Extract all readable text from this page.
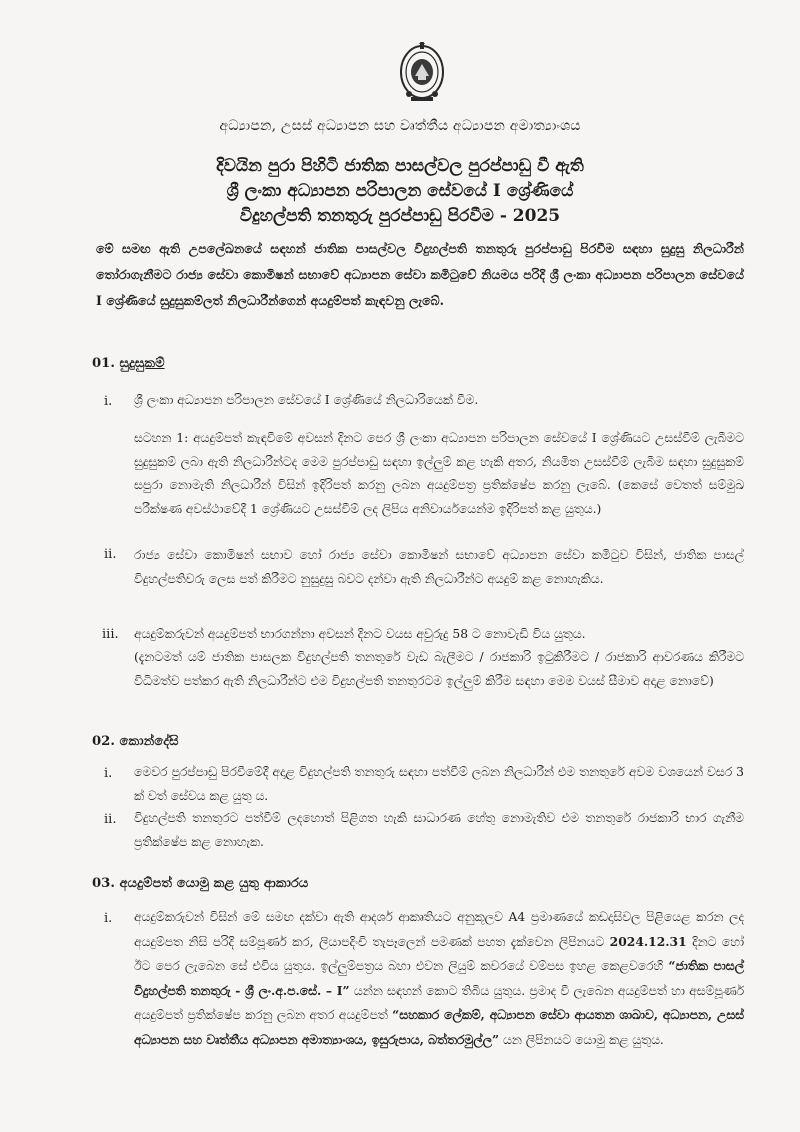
අධ්‍යාපන, උසස් අධ්‍යාපන සහ වෘත්තීය අධ්‍යාපන අමාත්‍යාංශය
දිවයින පුරා පිහිටි ජාතික පාසල්වල පුරප්පාඩු වී ඇති
ශ්‍රී ලංකා අධ්‍යාපන පරිපාලන සේවයේ I ශ්‍රේණියේ
විදුහල්පති තනතුරු පුරප්පාඩු පිරවීම - 2025
මේ සමඟ ඇති උපලේඛනයේ සඳහන් ජාතික පාසල්වල විදුහල්පති තනතුරු පුරප්පාඩු පිරවීම සඳහා සුදුසු නිලධාරීන් තෝරාගැනීමට රාජ්‍ය සේවා කොමිෂන් සභාවේ අධ්‍යාපන සේවා කමිටුවේ නියමය පරිදි ශ්‍රී ලංකා අධ්‍යාපන පරිපාලන සේවයේ I ශ්‍රේණියේ සුදුසුකම්ලත් නිලධාරීන්ගෙන් අයදුම්පත් කැඳවනු ලැබේ.
01. සුදුසුකම්
i. ශ්‍රී ලංකා අධ්‍යාපන පරිපාලන සේවයේ I ශ්‍රේණියේ නිලධාරියෙක් වීම.
සටහන 1: අයදුම්පත් කැඳවීමේ අවසන් දිනට පෙර ශ්‍රී ලංකා අධ්‍යාපන පරිපාලන සේවයේ I ශ්‍රේණියට උසස්වීම් ලැබීමට සුදුසුකම් ලබා ඇති නිලධාරීන්ටද මෙම පුරප්පාඩු සඳහා ඉල්ලුම් කළ හැකි අතර, නියමිත උසස්වීම් ලැබීම සඳහා සුදුසුකම් සපුරා නොමැති නිලධාරීන් විසින් ඉදිරිපත් කරනු ලබන අයදුම්පත්‍ර ප්‍රතික්ෂේප කරනු ලැබේ. (කෙසේ වෙතත් සම්මුඛ පරීක්ෂණ අවස්ථාවේදී 1 ශ්‍රේණියට උසස්වීම් ලද ලිපිය අනිවාර්යයෙන්ම ඉදිරිපත් කළ යුතුය.)
ii. රාජ්‍ය සේවා කොමිෂන් සභාව හෝ රාජ්‍ය සේවා කොමිෂන් සභාවේ අධ්‍යාපන සේවා කමිටුව විසින්, ජාතික පාසල් විදුහල්පතිවරු ලෙස පත් කිරීමට නුසුදුසු බවට දන්වා ඇති නිලධාරීන්ට අයදුම් කළ නොහැකිය.
iii. අයදුම්කරුවන් අයදුම්පත් භාරගන්නා අවසන් දිනට වයස අවුරුදු 58 ට නොවැඩි විය යුතුය.
(දැනටමත් යම් ජාතික පාසලක විදුහල්පති තනතුරේ වැඩ බැලීමට / රාජකාරි ඉටුකිරීමට / රාජකාරි ආවරණය කිරීමට විධිමත්ව පත්කර ඇති නිලධාරීන්ට එම විදුහල්පති තනතුරටම ඉල්ලුම් කිරීම සඳහා මෙම වයස් සීමාව අදාළ නොවේ)
02. කොන්දේසි
i. මෙවර පුරප්පාඩු පිරවීමේදී අදාළ විදුහල්පති තනතුරු සඳහා පත්වීම් ලබන නිලධාරීන් එම තනතුරේ අවම වශයෙන් වසර 3 ක් වත් සේවය කළ යුතු ය.
ii. විදුහල්පති තනතුරට පත්වීම් ලදහොත් පිළිගත හැකි සාධාරණ හේතු නොමැතිව එම තනතුරේ රාජකාරි භාර ගැනීම ප්‍රතික්ෂේප කළ නොහැක.
03. අයදුම්පත් යොමු කළ යුතු ආකාරය
i. අයදුම්කරුවන් විසින් මේ සමඟ දක්වා ඇති ආදර්ශ ආකෘතියට අනුකූලව A4 ප්‍රමාණයේ කඩදාසිවල පිළියෙළ කරන ලද අයදුම්පත නිසි පරිදි සම්පූර්ණ කර, ලියාපදිංචි තැපෑලෙන් පමණක් පහත දැක්වෙන ලිපිනයට 2024.12.31 දිනට හෝ ඊට පෙර ලැබෙන සේ එවිය යුතුය. ඉල්ලුම්පත්‍රය බහා එවන ලියුම් කවරයේ වම්පස ඉහළ කෙළවරෙහි “ජාතික පාසල් විදුහල්පති තනතුරු - ශ්‍රී ලං.අ.ප.සේ. – I” යන්න සඳහන් කොට තිබිය යුතුය. ප්‍රමාද වී ලැබෙන අයදුම්පත් හා අසම්පූර්ණ අයදුම්පත් ප්‍රතික්ෂේප කරනු ලබන අතර අයදුම්පත් “සහකාර ලේකම්, අධ්‍යාපන සේවා ආයතන ශාඛාව, අධ්‍යාපන, උසස් අධ්‍යාපන සහ වෘත්තීය අධ්‍යාපන අමාත්‍යාංශය, ඉසුරුපාය, බත්තරමුල්ල” යන ලිපිනයට යොමු කළ යුතුය.
